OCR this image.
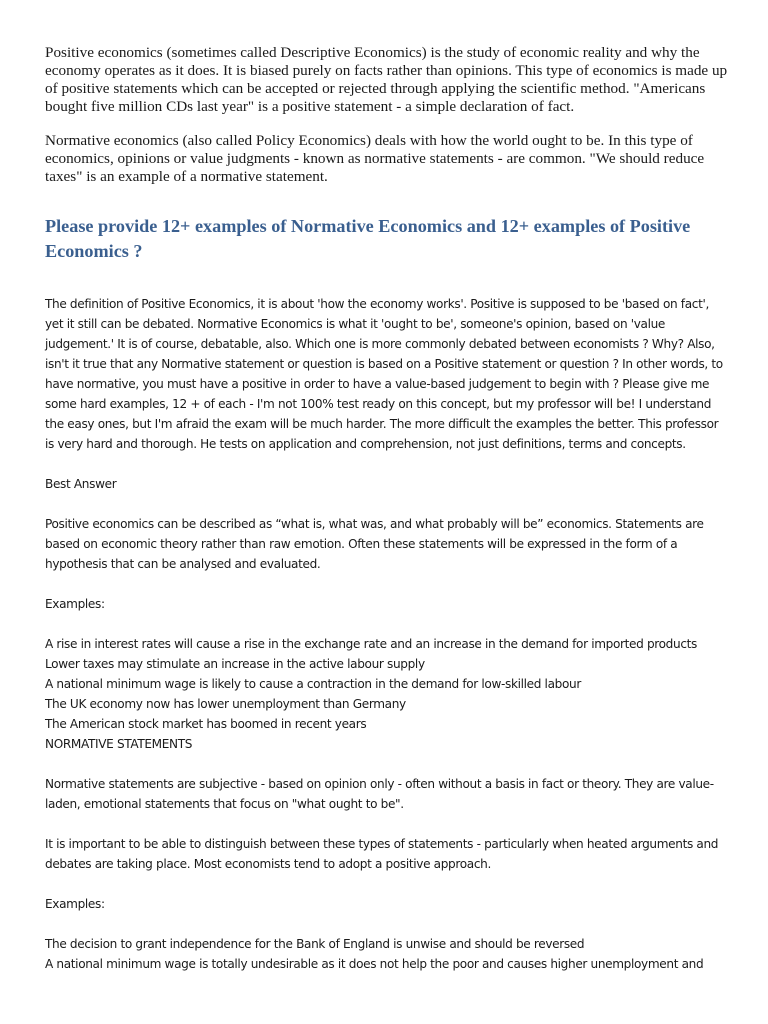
Positive economics (sometimes called Descriptive Economics) is the study of economic reality and why the economy operates as it does. It is biased purely on facts rather than opinions. This type of economics is made up of positive statements which can be accepted or rejected through applying the scientific method. "Americans bought five million CDs last year" is a positive statement - a simple declaration of fact.

Normative economics (also called Policy Economics) deals with how the world ought to be. In this type of economics, opinions or value judgments - known as normative statements - are common. "We should reduce taxes" is an example of a normative statement.

Please provide 12+ examples of Normative Economics and 12+ examples of Positive Economics ?

The definition of Positive Economics, it is about 'how the economy works'. Positive is supposed to be 'based on fact', yet it still can be debated. Normative Economics is what it 'ought to be', someone's opinion, based on 'value judgement.' It is of course, debatable, also. Which one is more commonly debated between economists ? Why? Also, isn't it true that any Normative statement or question is based on a Positive statement or question ? In other words, to have normative, you must have a positive in order to have a value-based judgement to begin with ? Please give me some hard examples, 12 + of each - I'm not 100% test ready on this concept, but my professor will be! I understand the easy ones, but I'm afraid the exam will be much harder. The more difficult the examples the better. This professor is very hard and thorough. He tests on application and comprehension, not just definitions, terms and concepts.

Best Answer

Positive economics can be described as “what is, what was, and what probably will be” economics. Statements are based on economic theory rather than raw emotion. Often these statements will be expressed in the form of a hypothesis that can be analysed and evaluated.

Examples:

A rise in interest rates will cause a rise in the exchange rate and an increase in the demand for imported products
Lower taxes may stimulate an increase in the active labour supply
A national minimum wage is likely to cause a contraction in the demand for low-skilled labour
The UK economy now has lower unemployment than Germany
The American stock market has boomed in recent years
NORMATIVE STATEMENTS

Normative statements are subjective - based on opinion only - often without a basis in fact or theory. They are value-laden, emotional statements that focus on "what ought to be".

It is important to be able to distinguish between these types of statements - particularly when heated arguments and debates are taking place. Most economists tend to adopt a positive approach.

Examples:

The decision to grant independence for the Bank of England is unwise and should be reversed
A national minimum wage is totally undesirable as it does not help the poor and causes higher unemployment and
